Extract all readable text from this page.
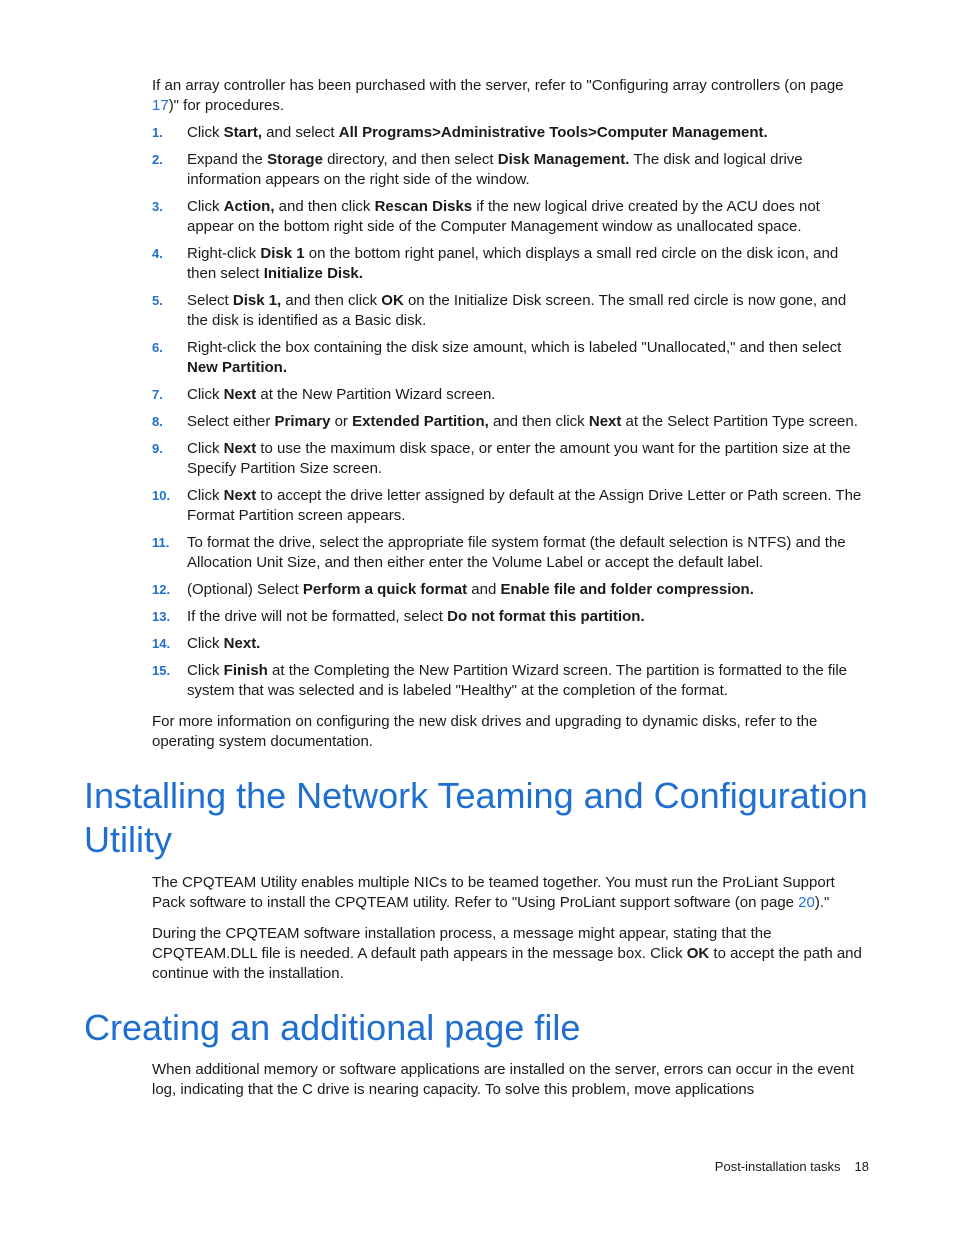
If an array controller has been purchased with the server, refer to "Configuring array controllers (on page 17)" for procedures.

1. Click Start, and select All Programs>Administrative Tools>Computer Management.
2. Expand the Storage directory, and then select Disk Management. The disk and logical drive information appears on the right side of the window.
3. Click Action, and then click Rescan Disks if the new logical drive created by the ACU does not appear on the bottom right side of the Computer Management window as unallocated space.
4. Right-click Disk 1 on the bottom right panel, which displays a small red circle on the disk icon, and then select Initialize Disk.
5. Select Disk 1, and then click OK on the Initialize Disk screen. The small red circle is now gone, and the disk is identified as a Basic disk.
6. Right-click the box containing the disk size amount, which is labeled "Unallocated," and then select New Partition.
7. Click Next at the New Partition Wizard screen.
8. Select either Primary or Extended Partition, and then click Next at the Select Partition Type screen.
9. Click Next to use the maximum disk space, or enter the amount you want for the partition size at the Specify Partition Size screen.
10. Click Next to accept the drive letter assigned by default at the Assign Drive Letter or Path screen. The Format Partition screen appears.
11. To format the drive, select the appropriate file system format (the default selection is NTFS) and the Allocation Unit Size, and then either enter the Volume Label or accept the default label.
12. (Optional) Select Perform a quick format and Enable file and folder compression.
13. If the drive will not be formatted, select Do not format this partition.
14. Click Next.
15. Click Finish at the Completing the New Partition Wizard screen. The partition is formatted to the file system that was selected and is labeled "Healthy" at the completion of the format.

For more information on configuring the new disk drives and upgrading to dynamic disks, refer to the operating system documentation.

Installing the Network Teaming and Configuration Utility

The CPQTEAM Utility enables multiple NICs to be teamed together. You must run the ProLiant Support Pack software to install the CPQTEAM utility. Refer to "Using ProLiant support software (on page 20)."

During the CPQTEAM software installation process, a message might appear, stating that the CPQTEAM.DLL file is needed. A default path appears in the message box. Click OK to accept the path and continue with the installation.

Creating an additional page file

When additional memory or software applications are installed on the server, errors can occur in the event log, indicating that the C drive is nearing capacity. To solve this problem, move applications

Post-installation tasks 18
